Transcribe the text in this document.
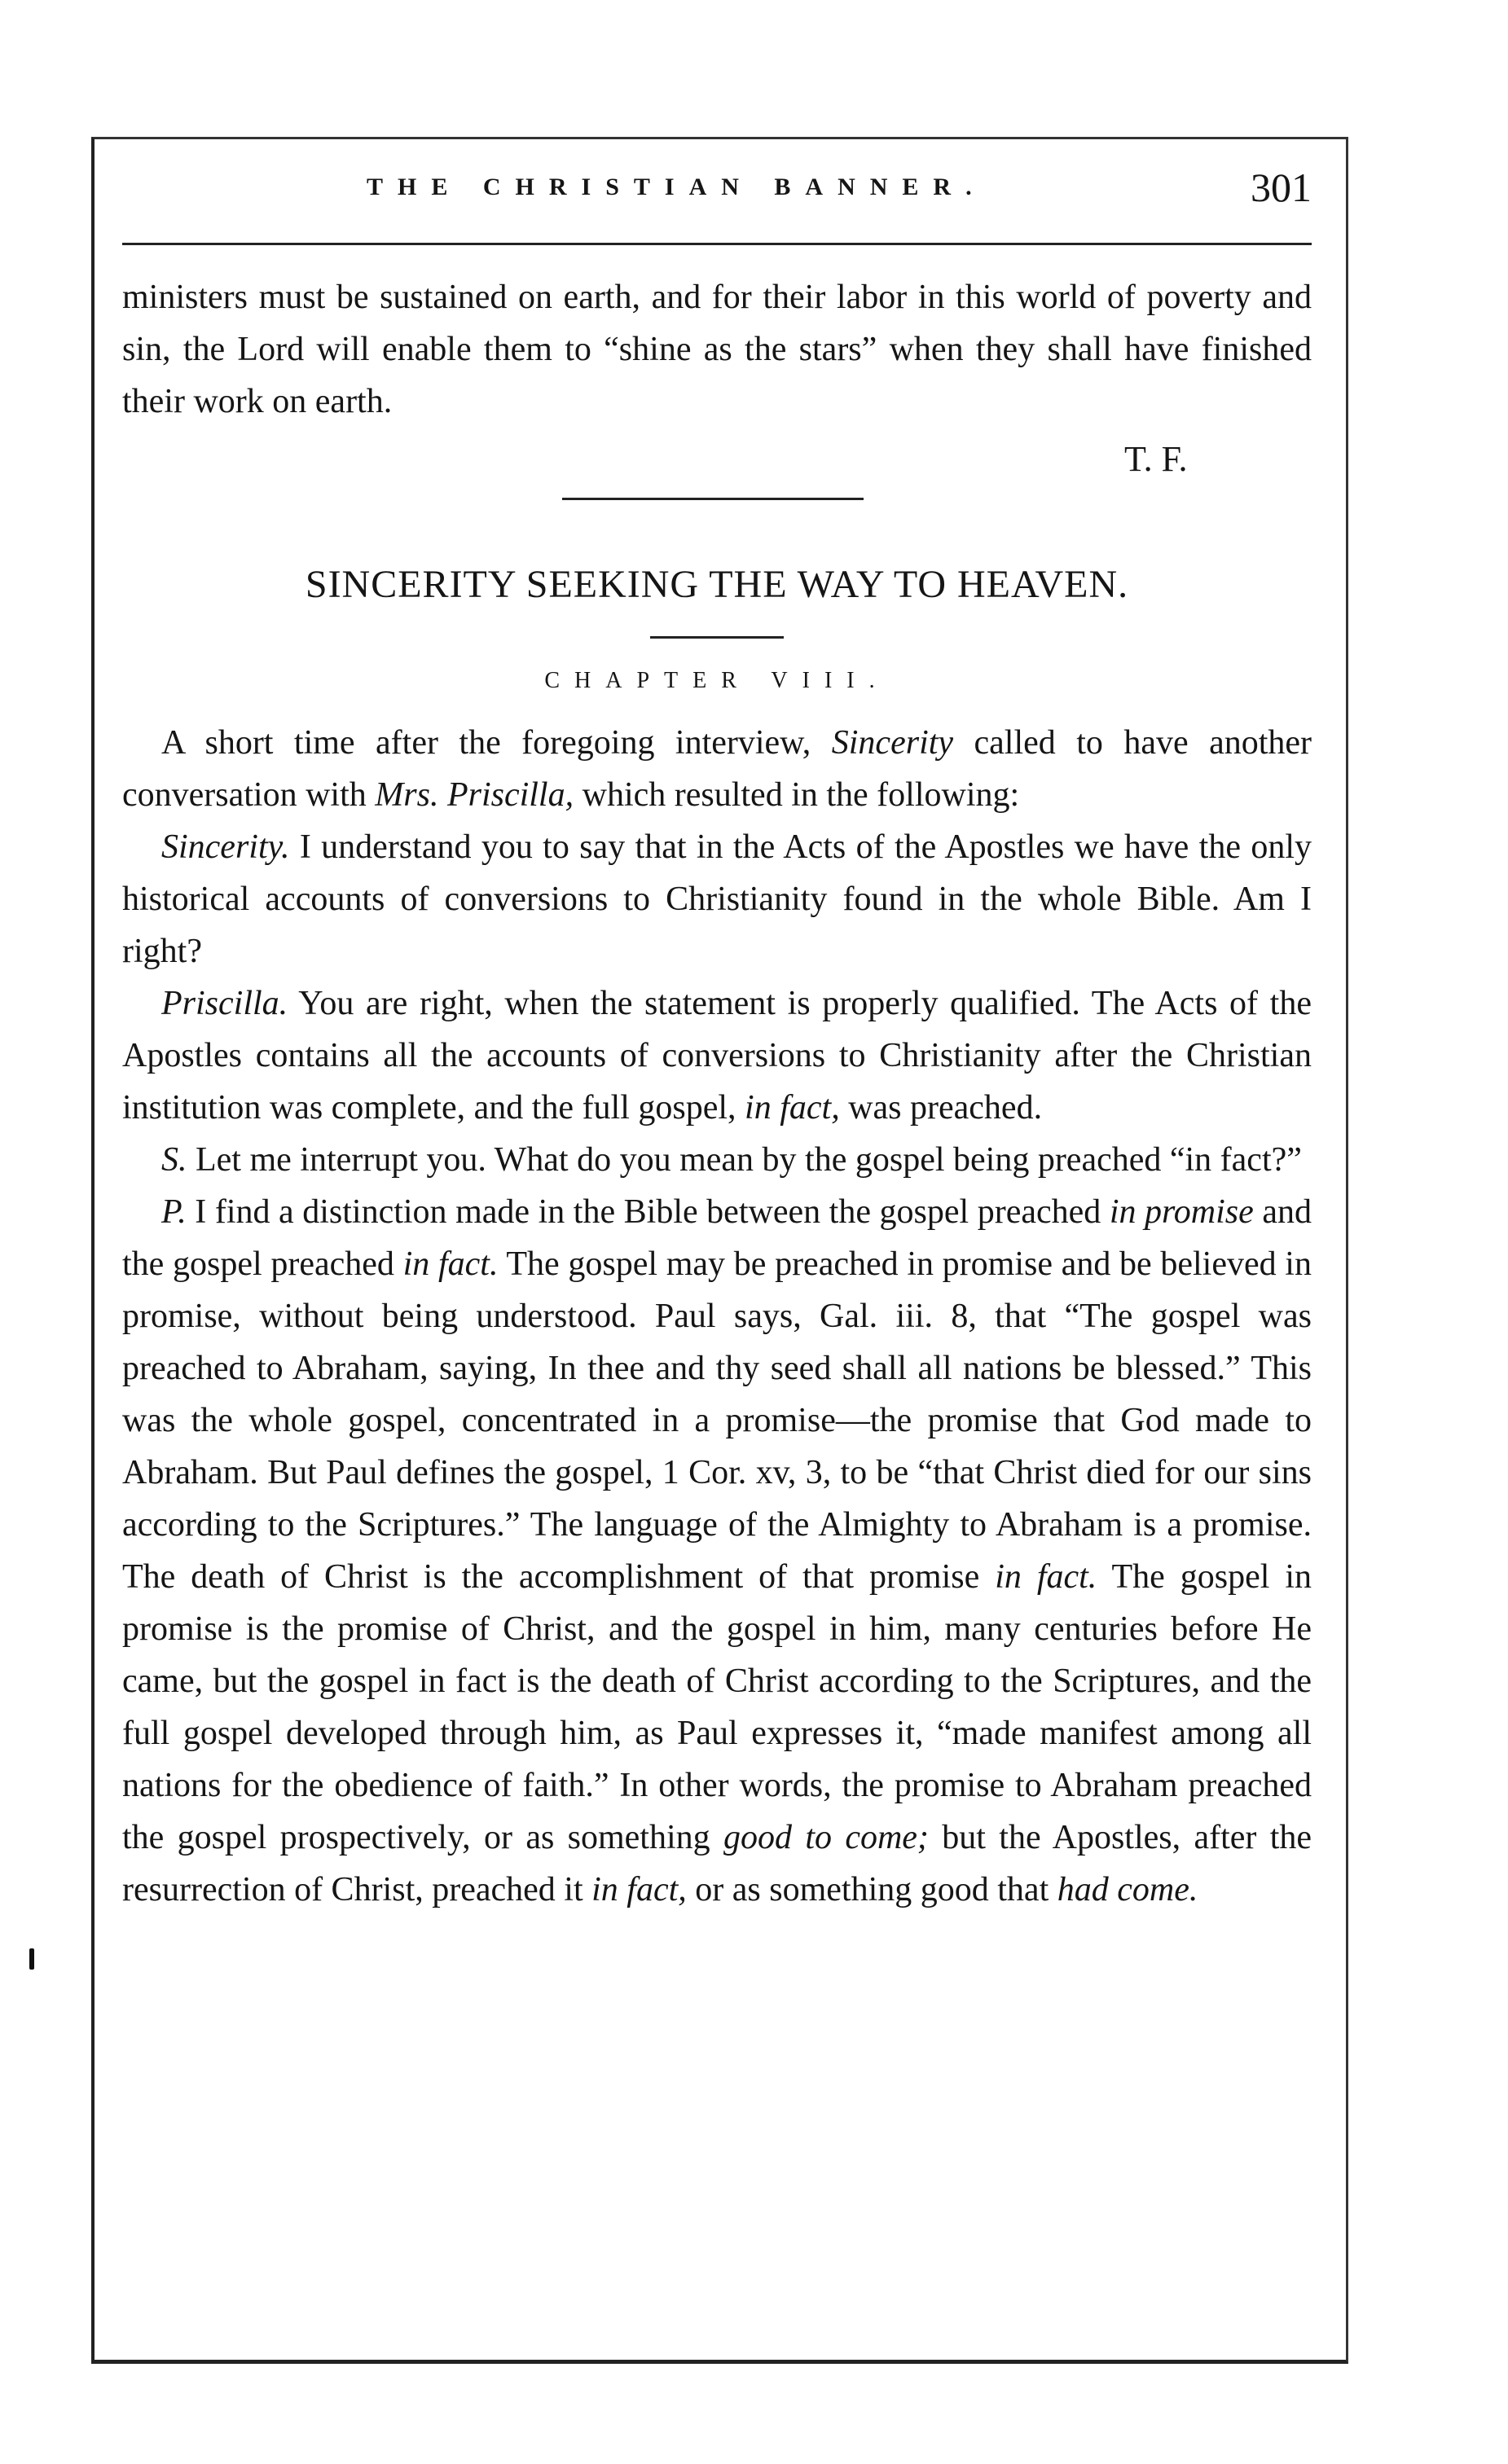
THE CHRISTIAN BANNER.	301

ministers must be sustained on earth, and for their labor in this world of poverty and sin, the Lord will enable them to “shine as the stars” when they shall have finished their work on earth.

T. F.
SINCERITY SEEKING THE WAY TO HEAVEN.
CHAPTER VIII.

A short time after the foregoing interview, Sincerity called to have another conversation with Mrs. Priscilla, which resulted in the following:

Sincerity. I understand you to say that in the Acts of the Apostles we have the only historical accounts of conversions to Christianity found in the whole Bible. Am I right?

Priscilla. You are right, when the statement is properly qualified. The Acts of the Apostles contains all the accounts of conversions to Christianity after the Christian institution was complete, and the full gospel, in fact, was preached.

S. Let me interrupt you. What do you mean by the gospel being preached “in fact?”

P. I find a distinction made in the Bible between the gospel preached in promise and the gospel preached in fact. The gospel may be preached in promise and be believed in promise, without being understood. Paul says, Gal. iii. 8, that “The gospel was preached to Abraham, saying, In thee and thy seed shall all nations be blessed.” This was the whole gospel, concentrated in a promise—the promise that God made to Abraham. But Paul defines the gospel, 1 Cor. xv, 3, to be “that Christ died for our sins according to the Scriptures.” The language of the Almighty to Abraham is a promise. The death of Christ is the accomplishment of that promise in fact. The gospel in promise is the promise of Christ, and the gospel in him, many centuries before He came, but the gospel in fact is the death of Christ according to the Scriptures, and the full gospel developed through him, as Paul expresses it, “made manifest among all nations for the obedience of faith.” In other words, the promise to Abraham preached the gospel prospectively, or as something good to come; but the Apostles, after the resurrection of Christ, preached it in fact, or as something good that had come.
